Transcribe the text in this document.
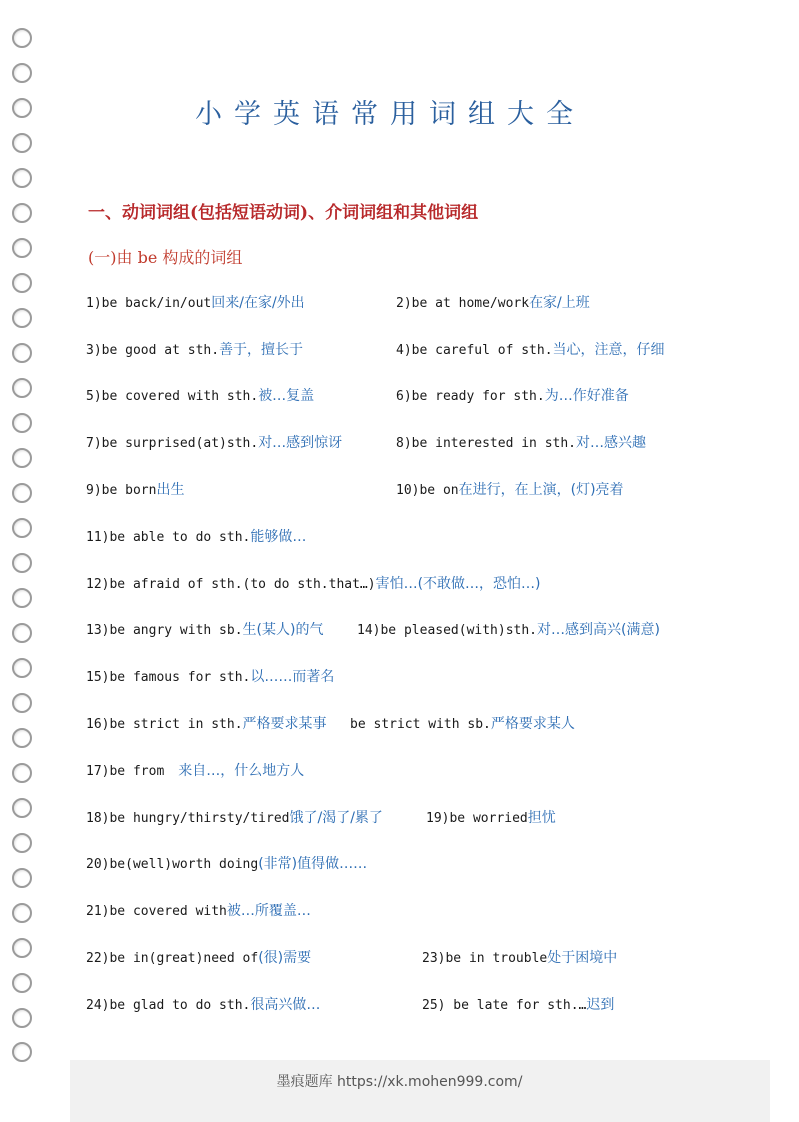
小学英语常用词组大全
一、动词词组(包括短语动词)、介词词组和其他词组
(一)由 be 构成的词组
1)be back/in/out回来/在家/外出	2)be at home/work在家/上班
3)be good at sth.善于，擅长于	4)be careful of sth.当心，注意，仔细
5)be covered with sth.被…复盖	6)be ready for sth.为…作好准备
7)be surprised(at)sth.对…感到惊讶	8)be interested in sth.对…感兴趣
9)be born出生	10)be on在进行，在上演，(灯)亮着
11)be able to do sth.能够做…
12)be afraid of sth.(to do sth.that…)害怕…(不敢做…，恐怕…)
13)be angry with sb.生(某人)的气	14)be pleased(with)sth.对…感到高兴(满意)
15)be famous for sth.以……而著名
16)be strict in sth.严格要求某事 be strict with sb.严格要求某人
17)be from 来自…，什么地方人
18)be hungry/thirsty/tired饿了/渴了/累了	19)be worried担忧
20)be(well)worth doing(非常)值得做……
21)be covered with被…所覆盖…
22)be in(great)need of(很)需要	23)be in trouble处于困境中
24)be glad to do sth.很高兴做…	25) be late for sth.…迟到
墨痕题库 https://xk.mohen999.com/
